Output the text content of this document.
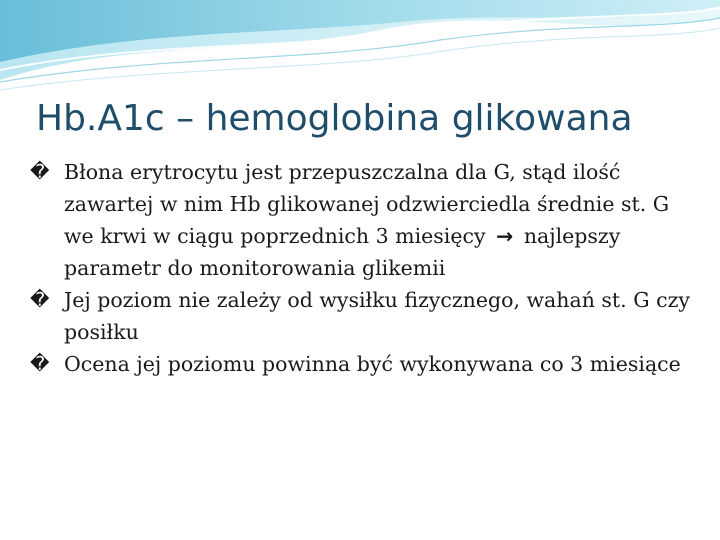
Hb.A1c – hemoglobina glikowana
� Błona erytrocytu jest przepuszczalna dla G, stąd ilość zawartej w nim Hb glikowanej odzwierciedla średnie st. G we krwi w ciągu poprzednich 3 miesięcy → najlepszy parametr do monitorowania glikemii
� Jej poziom nie zależy od wysiłku fizycznego, wahań st. G czy posiłku
� Ocena jej poziomu powinna być wykonywana co 3 miesiące
